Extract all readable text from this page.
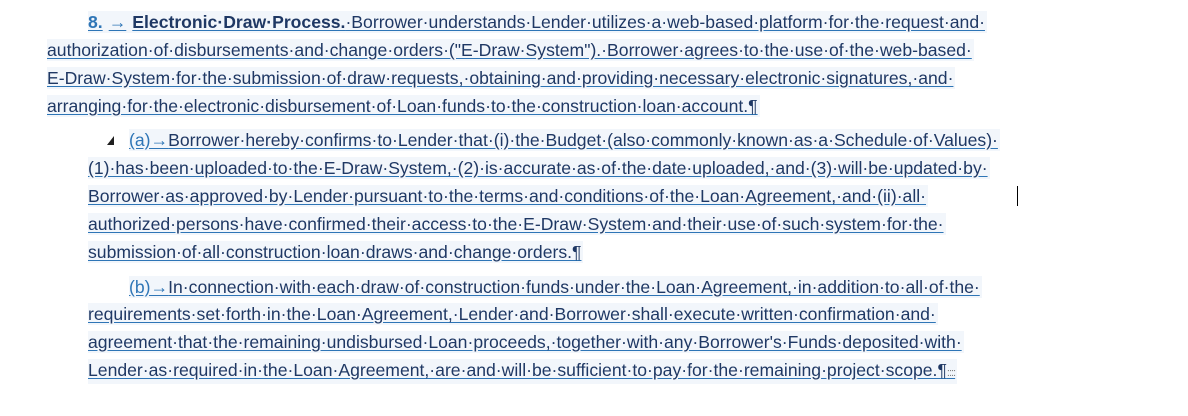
8. → Electronic·Draw·Process.·Borrower·understands·Lender·utilizes·a·web-based·platform·for·the·request·and·
authorization·of·disbursements·and·change·orders·("E-Draw·System").·Borrower·agrees·to·the·use·of·the·web-based·
E-Draw·System·for·the·submission·of·draw·requests,·obtaining·and·providing·necessary·electronic·signatures,·and·
arranging·for·the·electronic·disbursement·of·Loan·funds·to·the·construction·loan·account.¶
(a)→Borrower·hereby·confirms·to·Lender·that·(i)·the·Budget·(also·commonly·known·as·a·Schedule·of·Values)·
(1)·has·been·uploaded·to·the·E-Draw·System,·(2)·is·accurate·as·of·the·date·uploaded,·and·(3)·will·be·updated·by·
Borrower·as·approved·by·Lender·pursuant·to·the·terms·and·conditions·of·the·Loan·Agreement,·and·(ii)·all·
authorized·persons·have·confirmed·their·access·to·the·E-Draw·System·and·their·use·of·such·system·for·the·
submission·of·all·construction·loan·draws·and·change·orders.¶
(b)→In·connection·with·each·draw·of·construction·funds·under·the·Loan·Agreement,·in·addition·to·all·of·the·
requirements·set·forth·in·the·Loan·Agreement,·Lender·and·Borrower·shall·execute·written·confirmation·and·
agreement·that·the·remaining·undisbursed·Loan·proceeds,·together·with·any·Borrower's·Funds·deposited·with·
Lender·as·required·in·the·Loan·Agreement,·are·and·will·be·sufficient·to·pay·for·the·remaining·project·scope.¶::::
